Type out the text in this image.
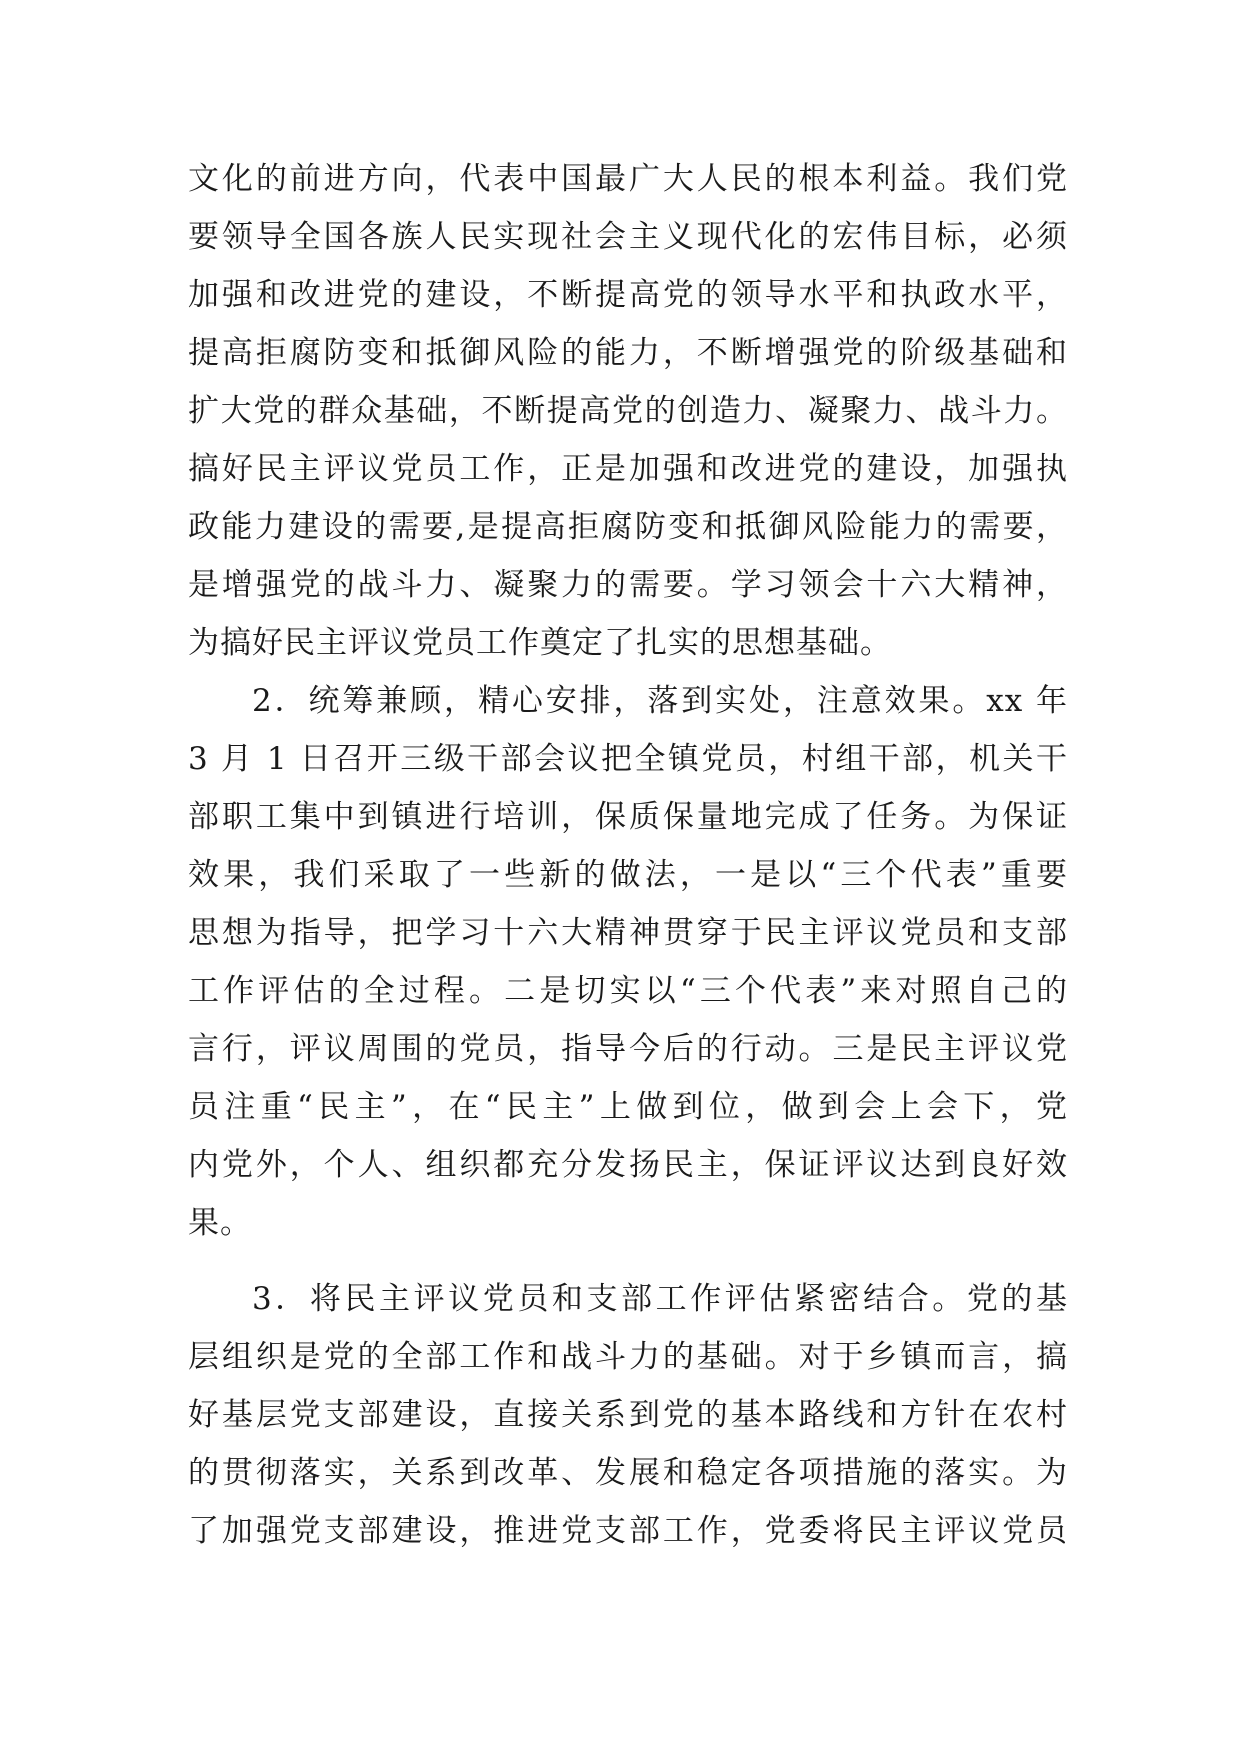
文化的前进方向，代表中国最广大人民的根本利益。我们党
要领导全国各族人民实现社会主义现代化的宏伟目标，必须
加强和改进党的建设，不断提高党的领导水平和执政水平，
提高拒腐防变和抵御风险的能力，不断增强党的阶级基础和
扩大党的群众基础，不断提高党的创造力、凝聚力、战斗力。
搞好民主评议党员工作，正是加强和改进党的建设，加强执
政能力建设的需要,是提高拒腐防变和抵御风险能力的需要，
是增强党的战斗力、凝聚力的需要。学习领会十六大精神，
为搞好民主评议党员工作奠定了扎实的思想基础。
2．统筹兼顾，精心安排，落到实处，注意效果。xx 年
3 月 1 日召开三级干部会议把全镇党员，村组干部，机关干
部职工集中到镇进行培训，保质保量地完成了任务。为保证
效果，我们采取了一些新的做法，一是以“三个代表”重要
思想为指导，把学习十六大精神贯穿于民主评议党员和支部
工作评估的全过程。二是切实以“三个代表”来对照自己的
言行，评议周围的党员，指导今后的行动。三是民主评议党
员注重“民主”，在“民主”上做到位，做到会上会下，党
内党外，个人、组织都充分发扬民主，保证评议达到良好效
果。
3．将民主评议党员和支部工作评估紧密结合。党的基
层组织是党的全部工作和战斗力的基础。对于乡镇而言，搞
好基层党支部建设，直接关系到党的基本路线和方针在农村
的贯彻落实，关系到改革、发展和稳定各项措施的落实。为
了加强党支部建设，推进党支部工作，党委将民主评议党员
